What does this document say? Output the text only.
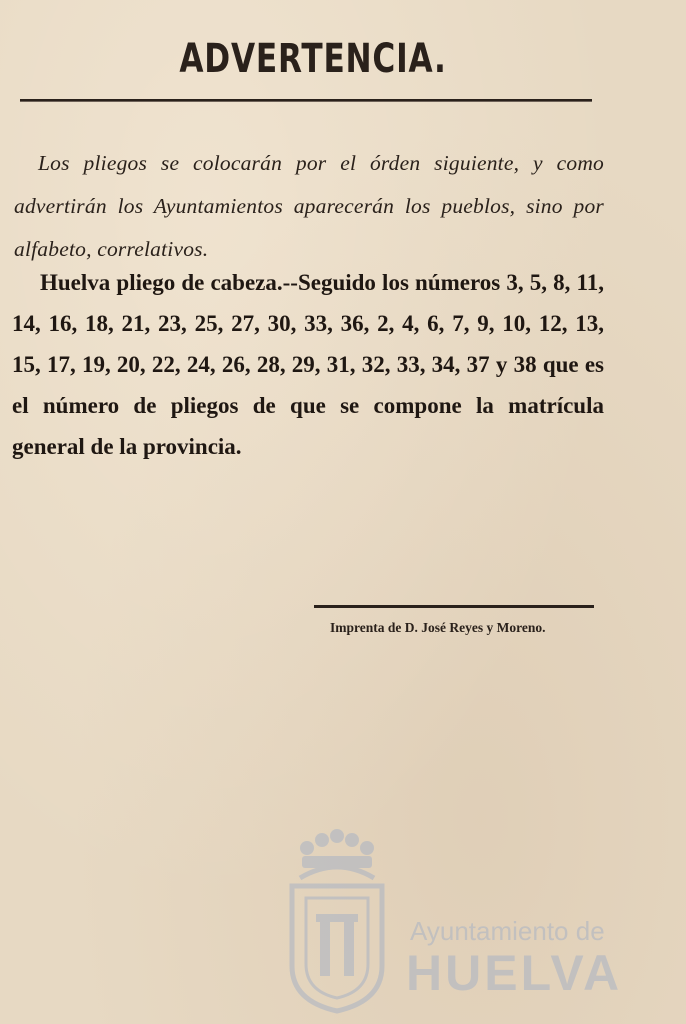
ADVERTENCIA.
Los pliegos se colocarán por el órden siguiente, y como advertirán los Ayuntamientos aparecerán los pueblos, sino por alfabeto, correlativos.
Huelva pliego de cabeza.--Seguido los números 3, 5, 8, 11, 14, 16, 18, 21, 23, 25, 27, 30, 33, 36, 2, 4, 6, 7, 9, 10, 12, 13, 15, 17, 19, 20, 22, 24, 26, 28, 29, 31, 32, 33, 34, 37 y 38 que es el número de pliegos de que se compone la matrícula general de la provincia.
Imprenta de D. José Reyes y Moreno.
Ayuntamiento de
HUELVA
